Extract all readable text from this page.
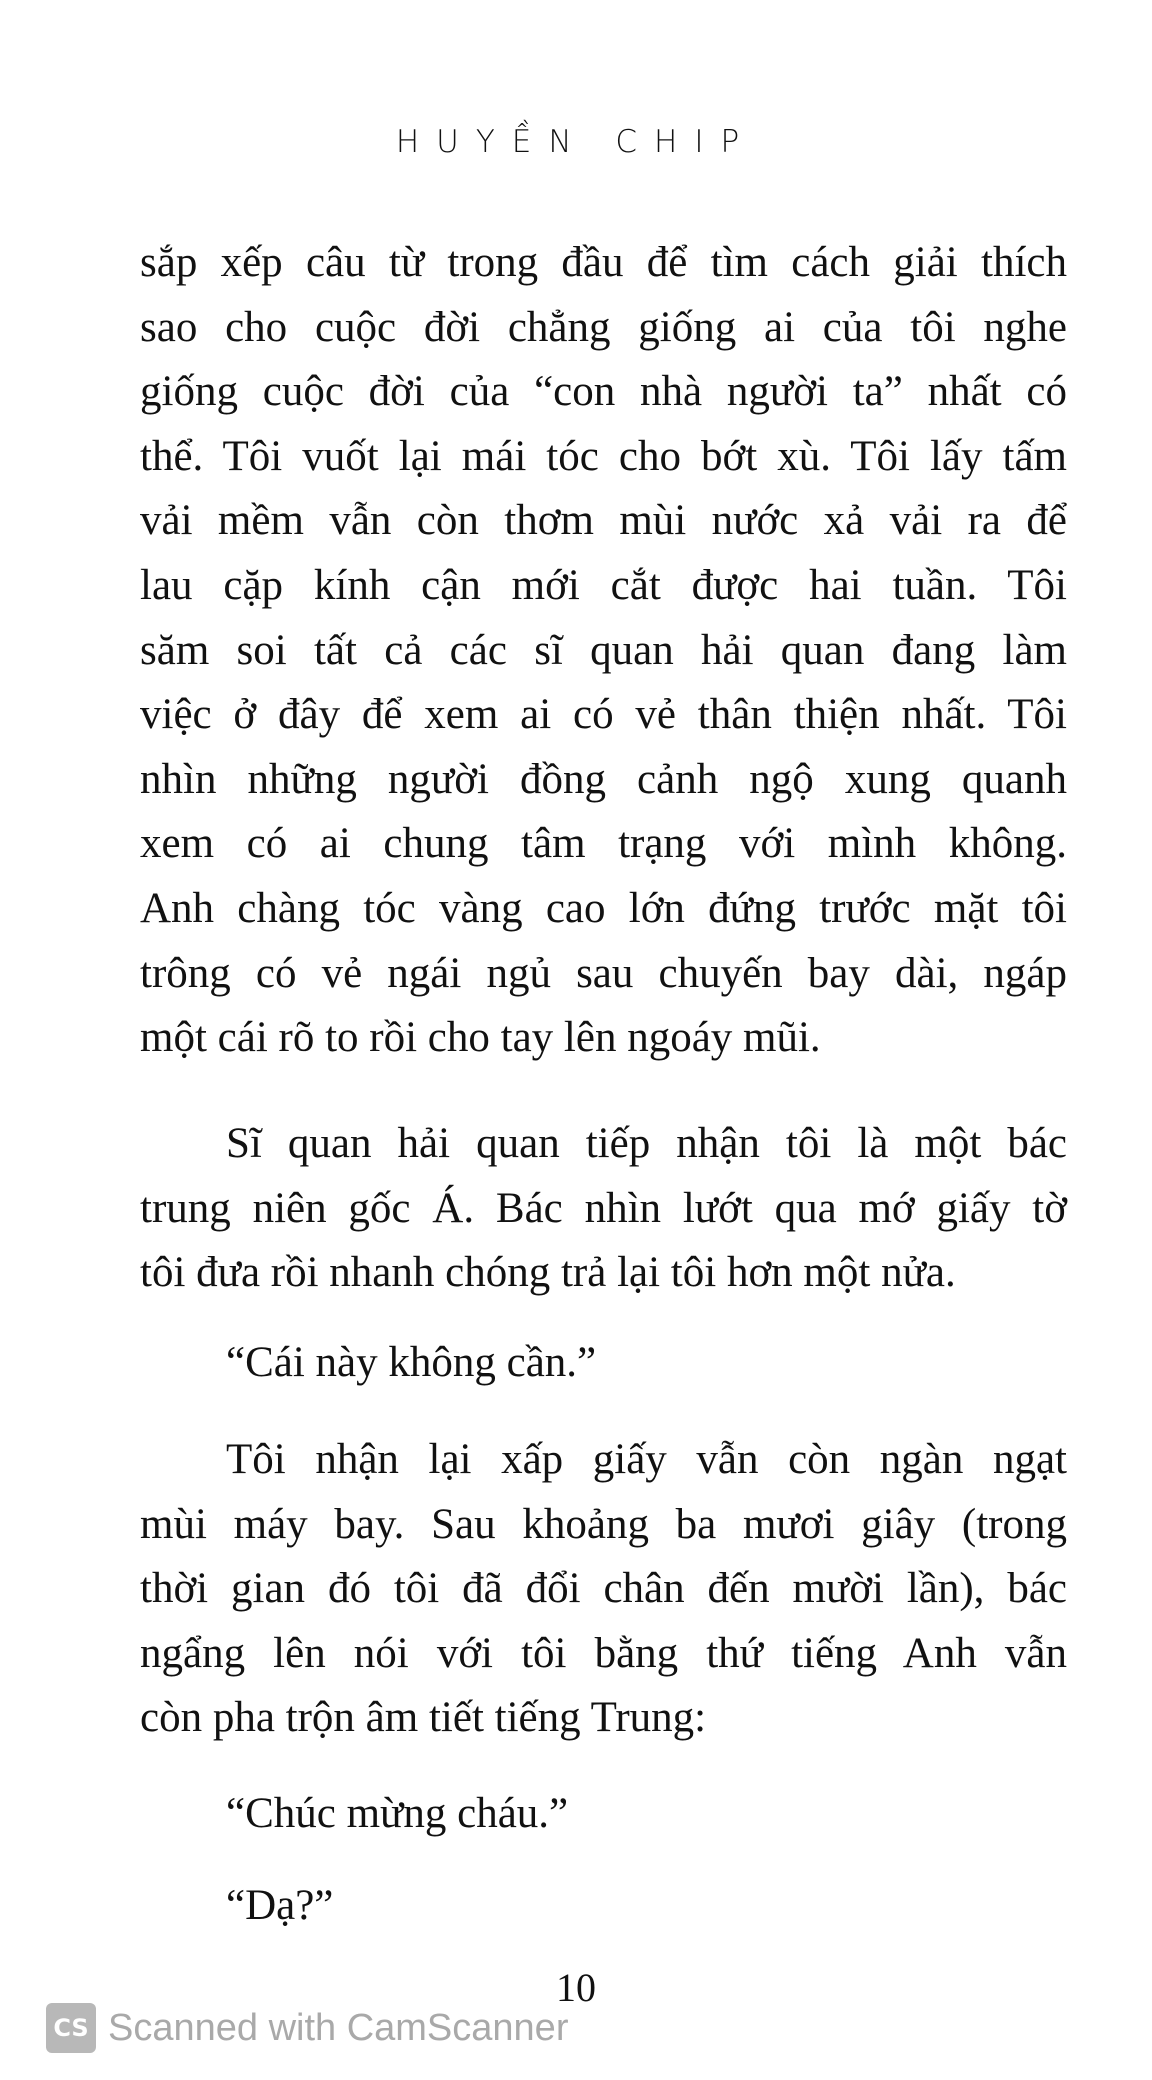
HUYỀN CHIP
sắp xếp câu từ trong đầu để tìm cách giải thích
sao cho cuộc đời chẳng giống ai của tôi nghe
giống cuộc đời của “con nhà người ta” nhất có
thể. Tôi vuốt lại mái tóc cho bớt xù. Tôi lấy tấm
vải mềm vẫn còn thơm mùi nước xả vải ra để
lau cặp kính cận mới cắt được hai tuần. Tôi
săm soi tất cả các sĩ quan hải quan đang làm
việc ở đây để xem ai có vẻ thân thiện nhất. Tôi
nhìn những người đồng cảnh ngộ xung quanh
xem có ai chung tâm trạng với mình không.
Anh chàng tóc vàng cao lớn đứng trước mặt tôi
trông có vẻ ngái ngủ sau chuyến bay dài, ngáp
một cái rõ to rồi cho tay lên ngoáy mũi.
Sĩ quan hải quan tiếp nhận tôi là một bác
trung niên gốc Á. Bác nhìn lướt qua mớ giấy tờ
tôi đưa rồi nhanh chóng trả lại tôi hơn một nửa.
“Cái này không cần.”
Tôi nhận lại xấp giấy vẫn còn ngàn ngạt
mùi máy bay. Sau khoảng ba mươi giây (trong
thời gian đó tôi đã đổi chân đến mười lần), bác
ngẩng lên nói với tôi bằng thứ tiếng Anh vẫn
còn pha trộn âm tiết tiếng Trung:
“Chúc mừng cháu.”
“Dạ?”
10
CS Scanned with CamScanner
